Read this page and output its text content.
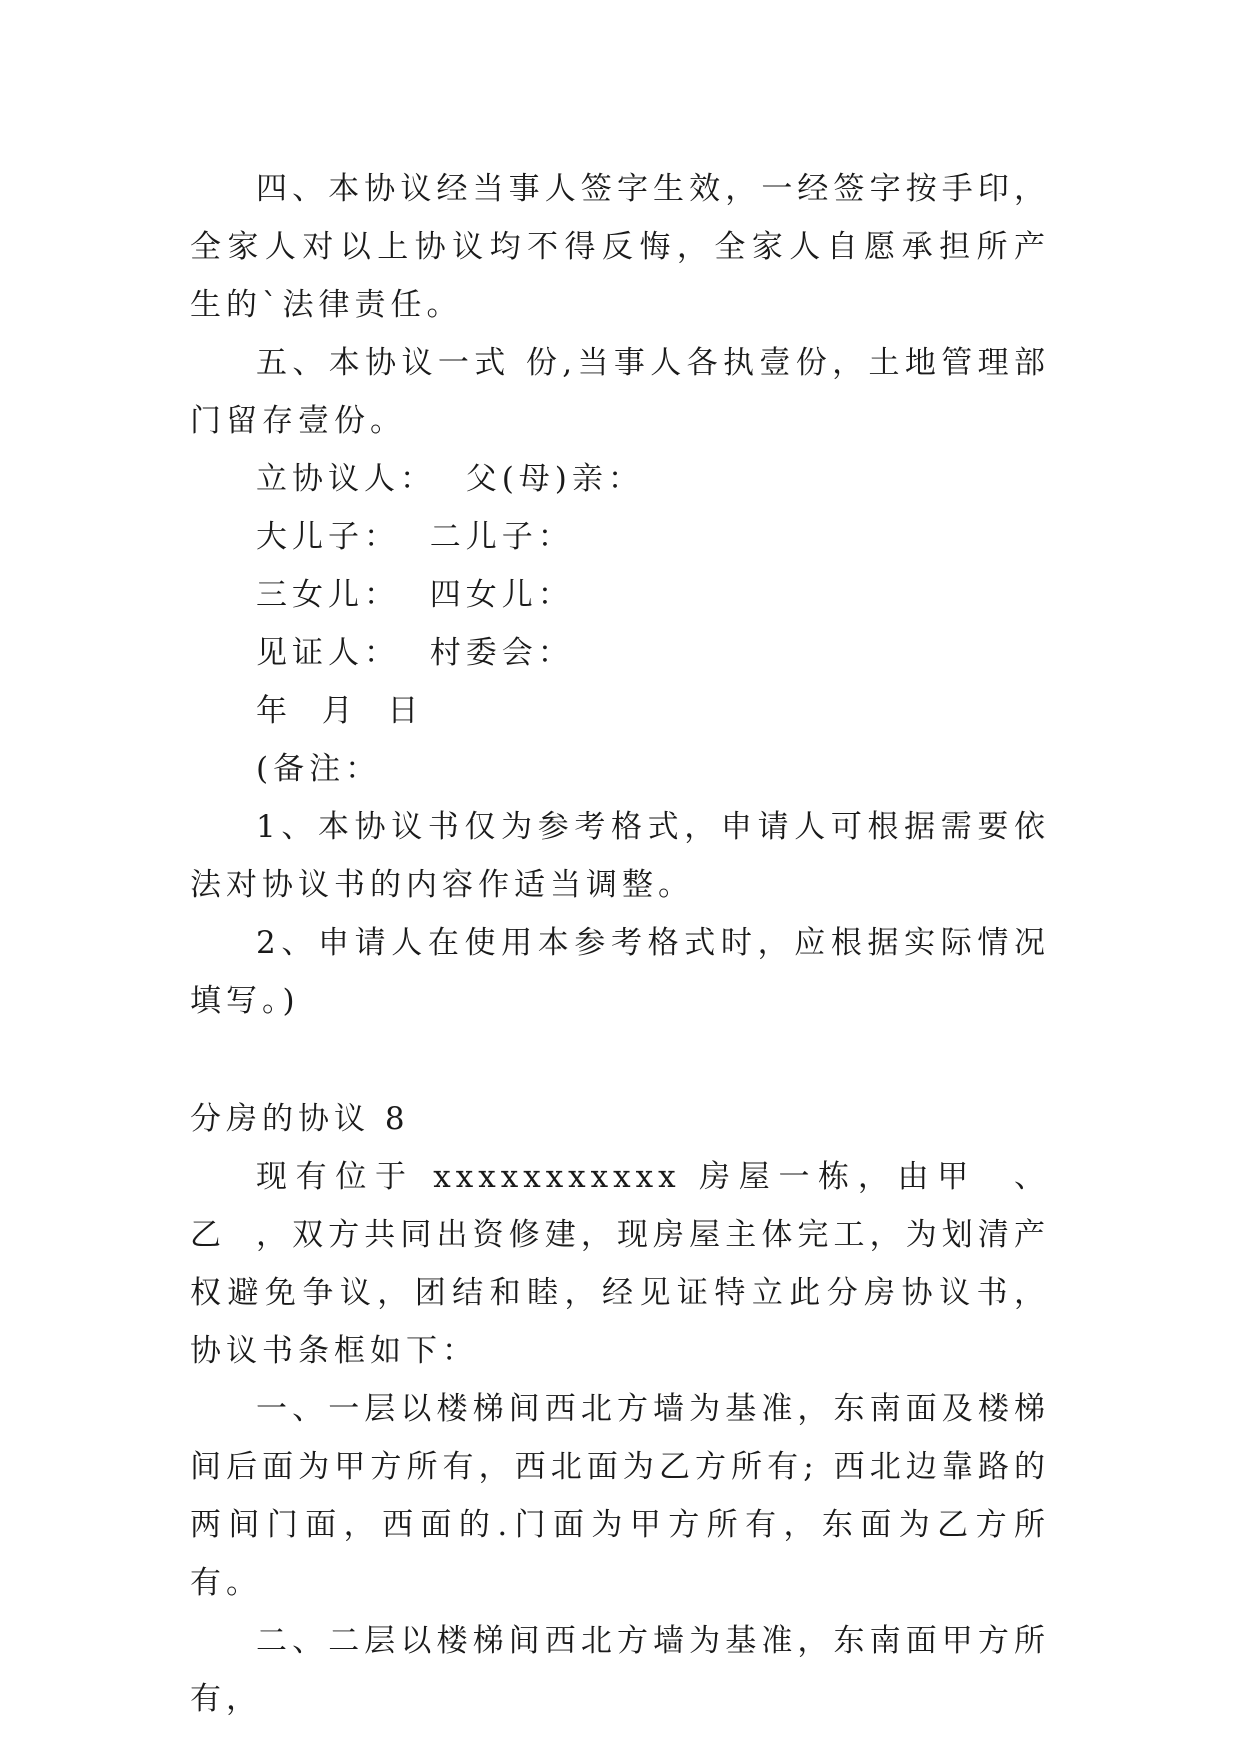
四、本协议经当事人签字生效，一经签字按手印，全家人对以上协议均不得反悔，全家人自愿承担所产生的`法律责任。

五、本协议一式 份,当事人各执壹份，土地管理部门留存壹份。

立协议人：  父(母)亲：

大儿子：  二儿子：

三女儿：  四女儿：

见证人：  村委会：

年  月  日

(备注：

1、本协议书仅为参考格式，申请人可根据需要依法对协议书的内容作适当调整。

2、申请人在使用本参考格式时，应根据实际情况填写。)

分房的协议 8

现有位于 xxxxxxxxxxx 房屋一栋，由甲  、  乙  ，双方共同出资修建，现房屋主体完工，为划清产权避免争议，团结和睦，经见证特立此分房协议书，协议书条框如下：

一、一层以楼梯间西北方墙为基准，东南面及楼梯间后面为甲方所有，西北面为乙方所有; 西北边靠路的两间门面，西面的.门面为甲方所有，东面为乙方所有。

二、二层以楼梯间西北方墙为基准，东南面甲方所有，
